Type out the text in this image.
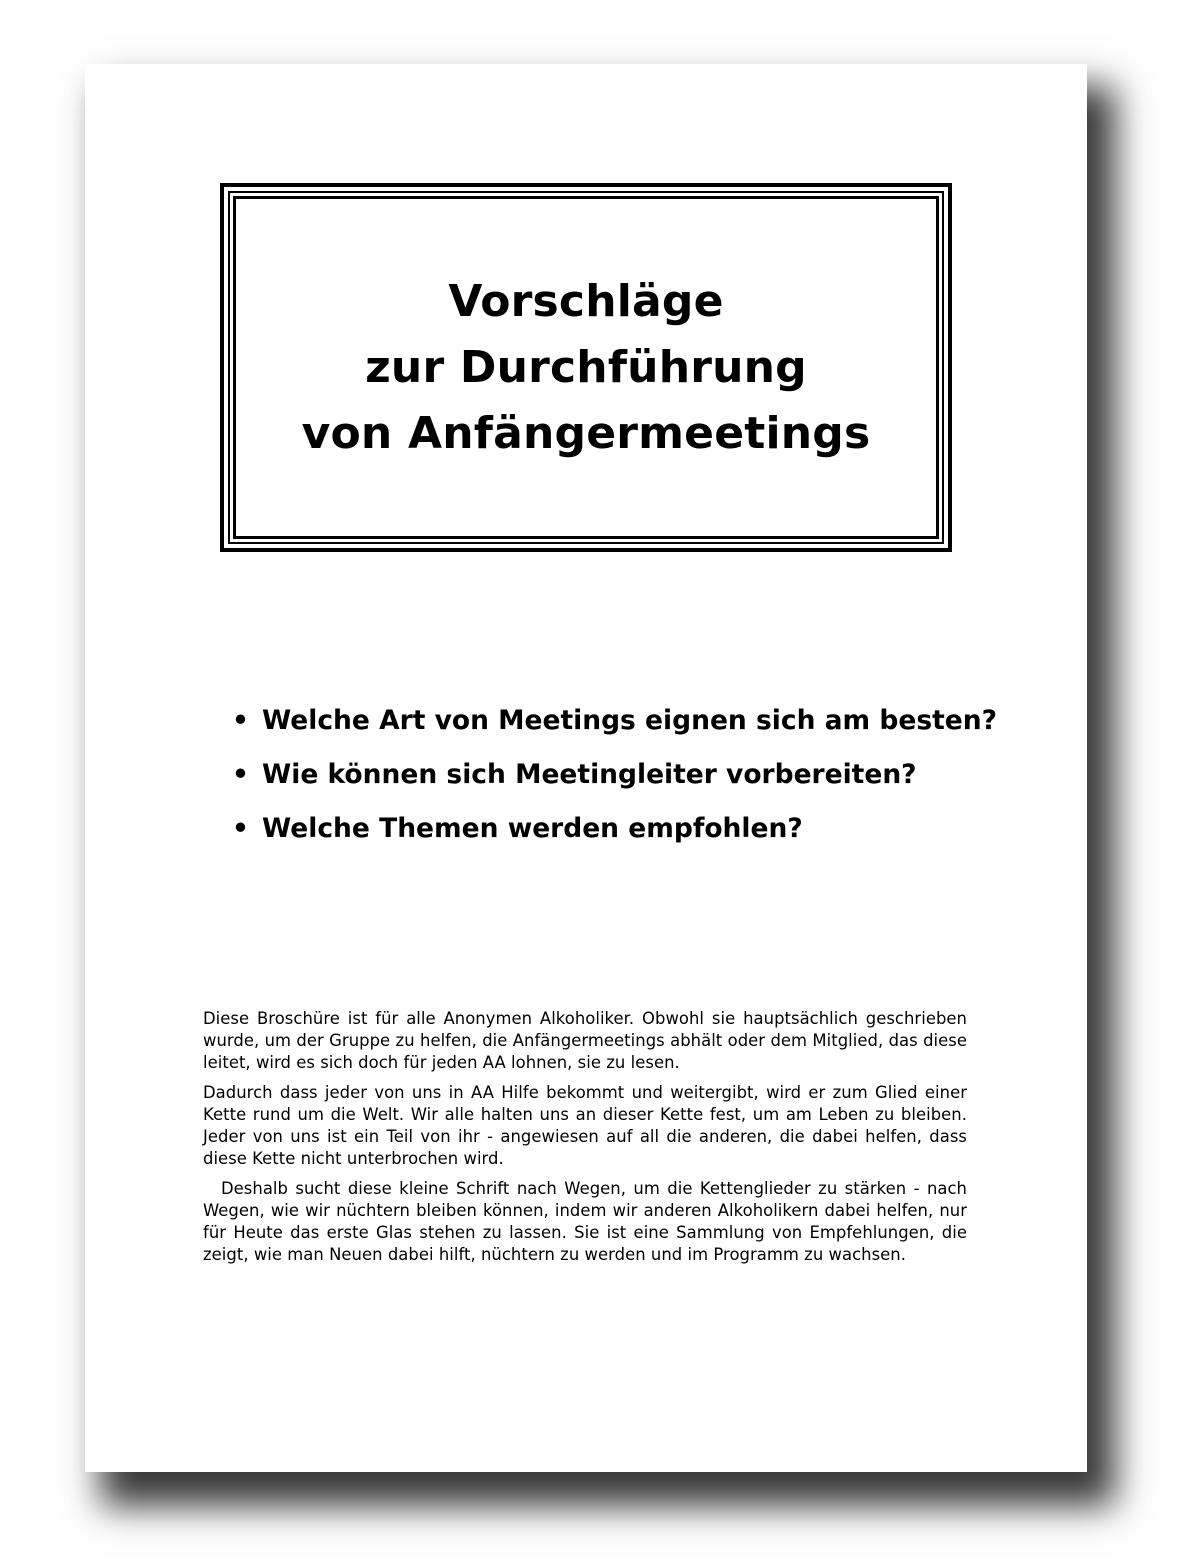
Vorschläge
zur Durchführung
von Anfängermeetings
• Welche Art von Meetings eignen sich am besten?
• Wie können sich Meetingleiter vorbereiten?
• Welche Themen werden empfohlen?

Diese Broschüre ist für alle Anonymen Alkoholiker. Obwohl sie hauptsächlich geschrieben wurde, um der Gruppe zu helfen, die Anfängermeetings abhält oder dem Mitglied, das diese leitet, wird es sich doch für jeden AA lohnen, sie zu lesen.

Dadurch dass jeder von uns in AA Hilfe bekommt und weitergibt, wird er zum Glied einer Kette rund um die Welt. Wir alle halten uns an dieser Kette fest, um am Leben zu bleiben. Jeder von uns ist ein Teil von ihr - angewiesen auf all die anderen, die dabei helfen, dass diese Kette nicht unterbrochen wird.

Deshalb sucht diese kleine Schrift nach Wegen, um die Kettenglieder zu stärken - nach Wegen, wie wir nüchtern bleiben können, indem wir anderen Alkoholikern dabei helfen, nur für Heute das erste Glas stehen zu lassen. Sie ist eine Sammlung von Empfehlungen, die zeigt, wie man Neuen dabei hilft, nüchtern zu werden und im Programm zu wachsen.
